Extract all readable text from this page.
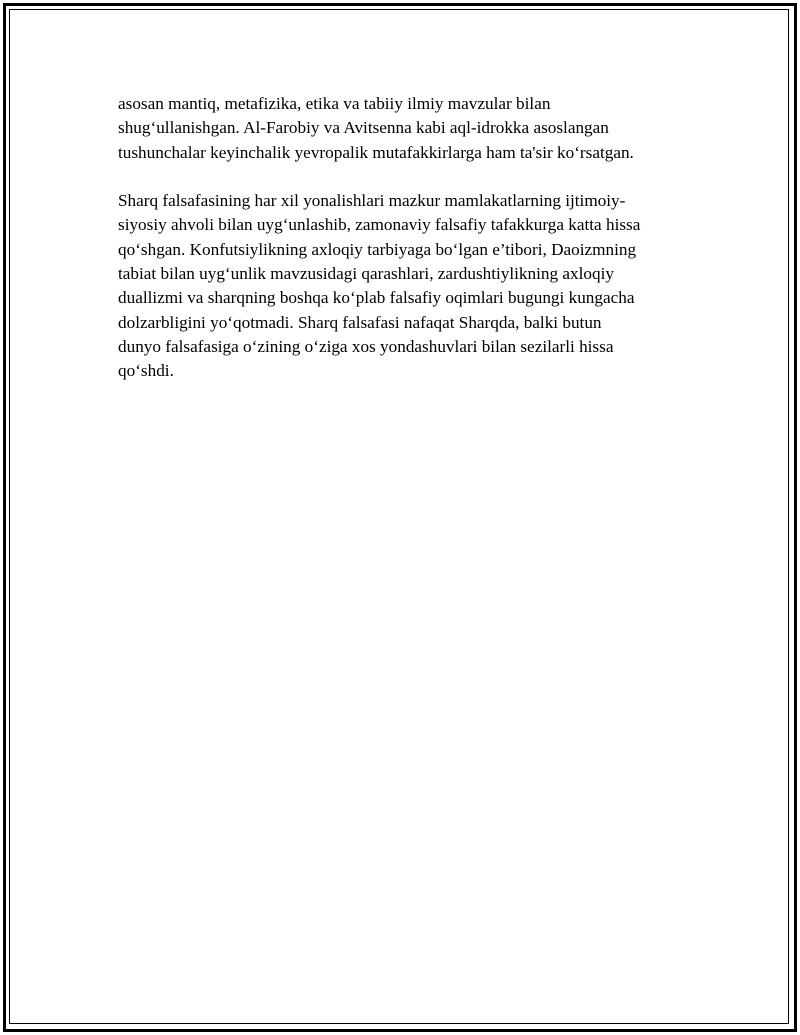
asosan mantiq, metafizika, etika va tabiiy ilmiy mavzular bilan
shug‘ullanishgan. Al-Farobiy va Avitsenna kabi aql-idrokka asoslangan
tushunchalar keyinchalik yevropalik mutafakkirlarga ham ta'sir ko‘rsatgan.
Sharq falsafasining har xil yonalishlari mazkur mamlakatlarning ijtimoiy-
siyosiy ahvoli bilan uyg‘unlashib, zamonaviy falsafiy tafakkurga katta hissa
qo‘shgan. Konfutsiylikning axloqiy tarbiyaga bo‘lgan e’tibori, Daoizmning
tabiat bilan uyg‘unlik mavzusidagi qarashlari, zardushtiylikning axloqiy
duallizmi va sharqning boshqa ko‘plab falsafiy oqimlari bugungi kungacha
dolzarbligini yo‘qotmadi. Sharq falsafasi nafaqat Sharqda, balki butun
dunyo falsafasiga o‘zining o‘ziga xos yondashuvlari bilan sezilarli hissa
qo‘shdi.
